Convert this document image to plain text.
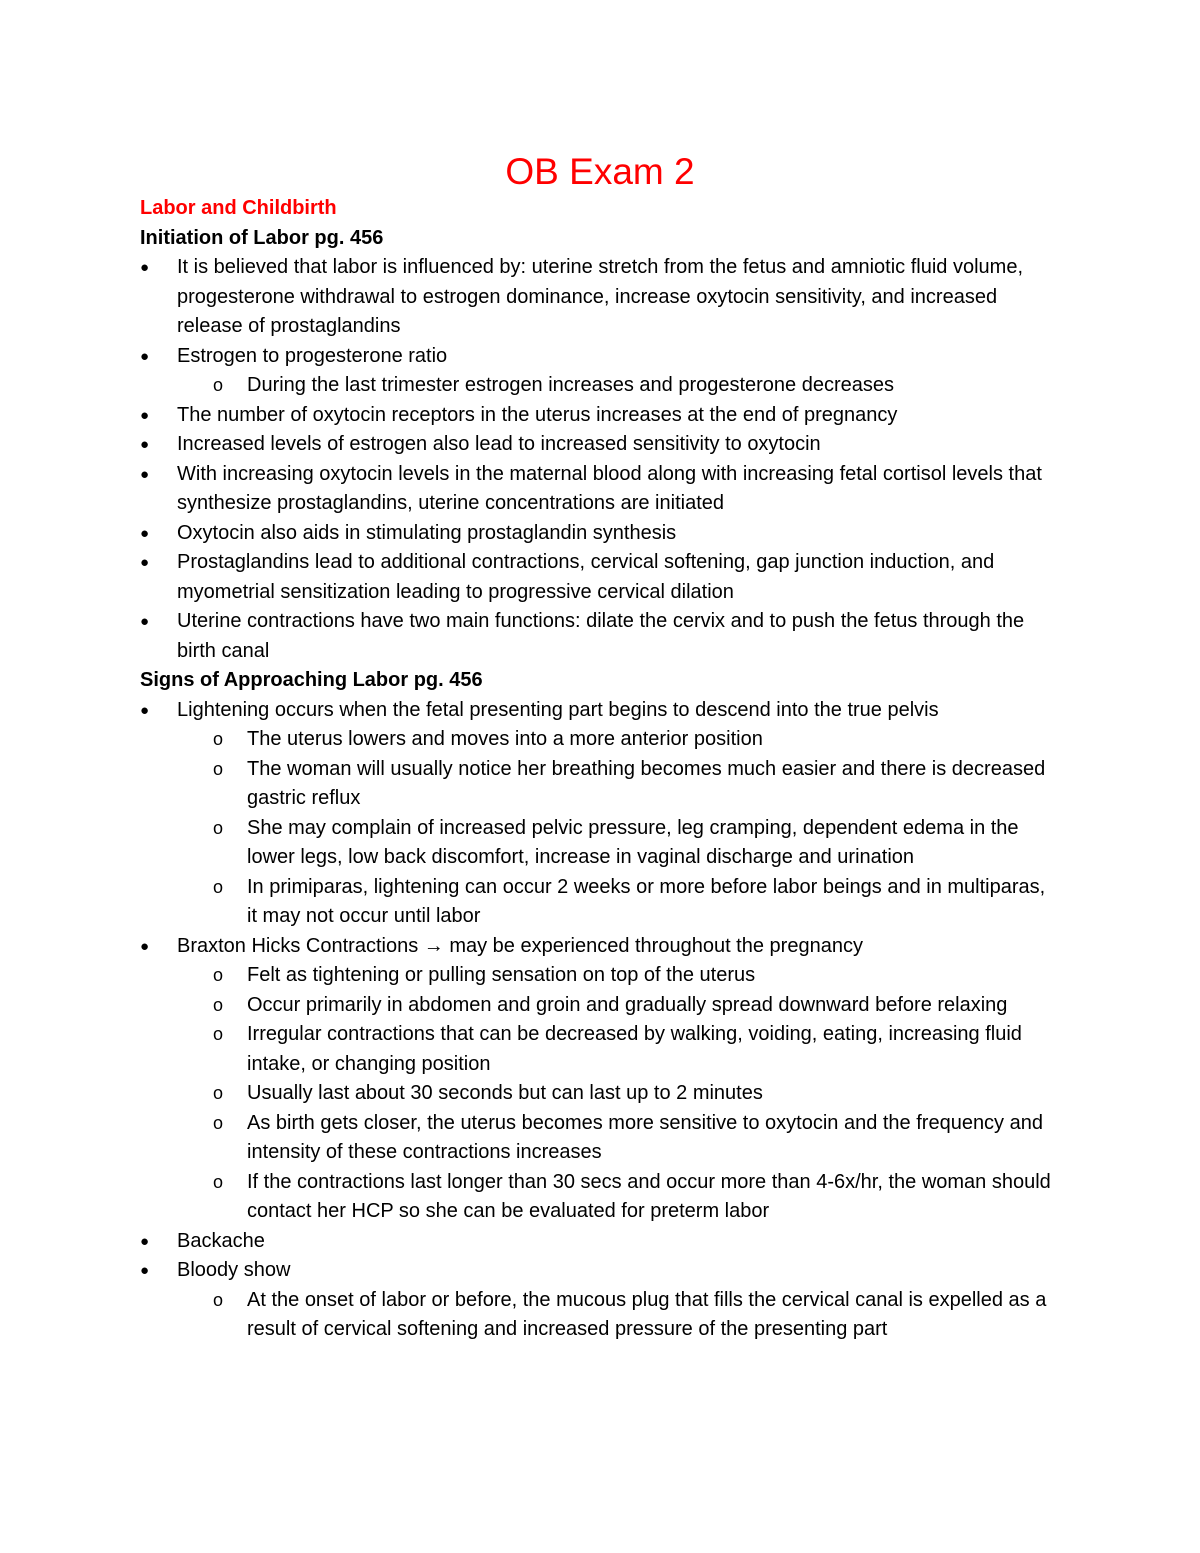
OB Exam 2
Labor and Childbirth
Initiation of Labor pg. 456
● It is believed that labor is influenced by: uterine stretch from the fetus and amniotic fluid volume, progesterone withdrawal to estrogen dominance, increase oxytocin sensitivity, and increased release of prostaglandins
● Estrogen to progesterone ratio
o During the last trimester estrogen increases and progesterone decreases
● The number of oxytocin receptors in the uterus increases at the end of pregnancy
● Increased levels of estrogen also lead to increased sensitivity to oxytocin
● With increasing oxytocin levels in the maternal blood along with increasing fetal cortisol levels that synthesize prostaglandins, uterine concentrations are initiated
● Oxytocin also aids in stimulating prostaglandin synthesis
● Prostaglandins lead to additional contractions, cervical softening, gap junction induction, and myometrial sensitization leading to progressive cervical dilation
● Uterine contractions have two main functions: dilate the cervix and to push the fetus through the birth canal
Signs of Approaching Labor pg. 456
● Lightening occurs when the fetal presenting part begins to descend into the true pelvis
o The uterus lowers and moves into a more anterior position
o The woman will usually notice her breathing becomes much easier and there is decreased gastric reflux
o She may complain of increased pelvic pressure, leg cramping, dependent edema in the lower legs, low back discomfort, increase in vaginal discharge and urination
o In primiparas, lightening can occur 2 weeks or more before labor beings and in multiparas, it may not occur until labor
● Braxton Hicks Contractions → may be experienced throughout the pregnancy
o Felt as tightening or pulling sensation on top of the uterus
o Occur primarily in abdomen and groin and gradually spread downward before relaxing
o Irregular contractions that can be decreased by walking, voiding, eating, increasing fluid intake, or changing position
o Usually last about 30 seconds but can last up to 2 minutes
o As birth gets closer, the uterus becomes more sensitive to oxytocin and the frequency and intensity of these contractions increases
o If the contractions last longer than 30 secs and occur more than 4-6x/hr, the woman should contact her HCP so she can be evaluated for preterm labor
● Backache
● Bloody show
o At the onset of labor or before, the mucous plug that fills the cervical canal is expelled as a result of cervical softening and increased pressure of the presenting part
